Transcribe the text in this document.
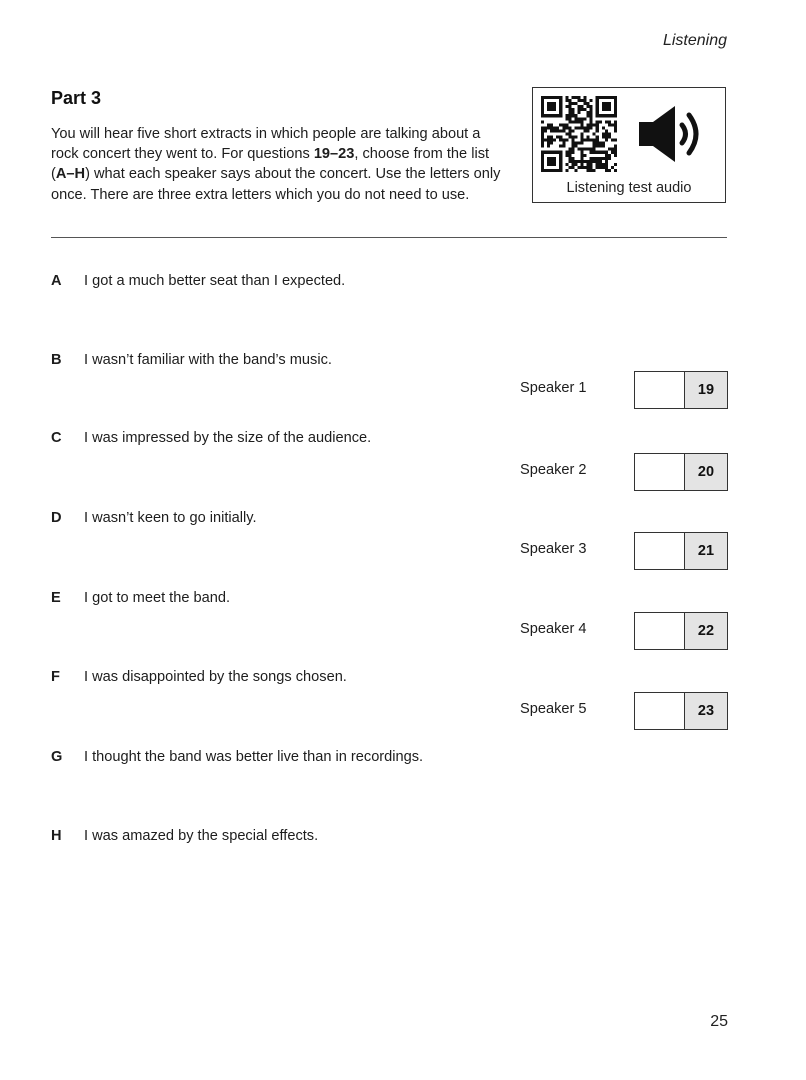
Listening
Part 3
You will hear five short extracts in which people are talking about a rock concert they went to. For questions 19–23, choose from the list (A–H) what each speaker says about the concert. Use the letters only once. There are three extra letters which you do not need to use.	Listening test audio
A I got a much better seat than I expected.
B I wasn’t familiar with the band’s music.
C I was impressed by the size of the audience.
D I wasn’t keen to go initially.
E I got to meet the band.
F I was disappointed by the songs chosen.
G I thought the band was better live than in recordings.
H I was amazed by the special effects.
Speaker 1	19
Speaker 2	20
Speaker 3	21
Speaker 4	22
Speaker 5	23
25
